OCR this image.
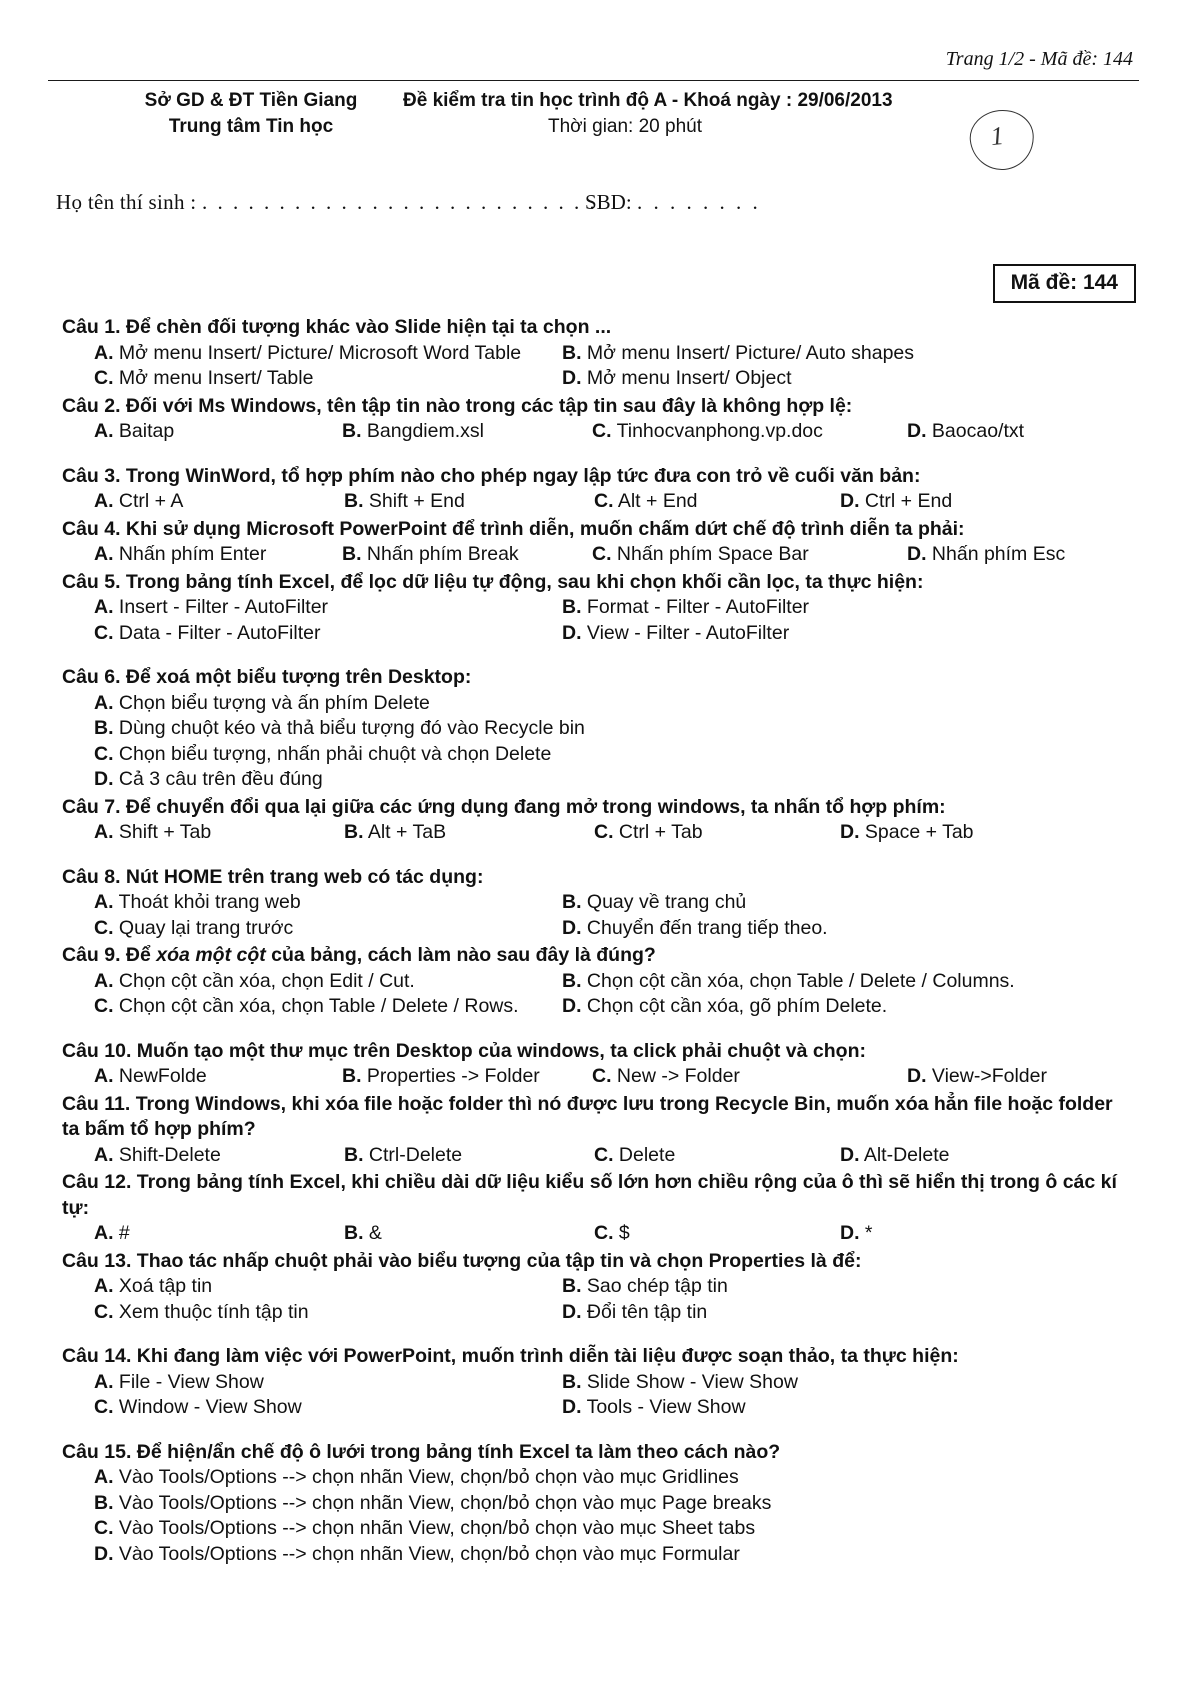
Trang 1/2 - Mã đề: 144
Sở GD & ĐT Tiền Giang
Trung tâm Tin học
Đề kiểm tra tin học trình độ A - Khoá ngày : 29/06/2013
Thời gian: 20 phút	1
Họ tên thí sinh : . . . . . . . . . . . . . . . . . . . . . . . . . .
SBD: . . . . . . . .
Mã đề: 144
Câu 1. Để chèn đối tượng khác vào Slide hiện tại ta chọn ...
A. Mở menu Insert/ Picture/ Microsoft Word Table	B. Mở menu Insert/ Picture/ Auto shapes
C. Mở menu Insert/ Table	D. Mở menu Insert/ Object
Câu 2. Đối với Ms Windows, tên tập tin nào trong các tập tin sau đây là không hợp lệ:
A. Baitap	B. Bangdiem.xsl	C. Tinhocvanphong.vp.doc	D. Baocao/txt
Câu 3. Trong WinWord, tổ hợp phím nào cho phép ngay lập tức đưa con trỏ về cuối văn bản:
A. Ctrl + A	B. Shift + End	C. Alt + End	D. Ctrl + End
Câu 4. Khi sử dụng Microsoft PowerPoint để trình diễn, muốn chấm dứt chế độ trình diễn ta phải:
A. Nhấn phím Enter	B. Nhấn phím Break	C. Nhấn phím Space Bar	D. Nhấn phím Esc
Câu 5. Trong bảng tính Excel, để lọc dữ liệu tự động, sau khi chọn khối cần lọc, ta thực hiện:
A. Insert - Filter - AutoFilter	B. Format - Filter - AutoFilter
C. Data - Filter - AutoFilter	D. View - Filter - AutoFilter
Câu 6. Để xoá một biểu tượng trên Desktop:
A. Chọn biểu tượng và ấn phím Delete
B. Dùng chuột kéo và thả biểu tượng đó vào Recycle bin
C. Chọn biểu tượng, nhấn phải chuột và chọn Delete
D. Cả 3 câu trên đều đúng
Câu 7. Để chuyển đổi qua lại giữa các ứng dụng đang mở trong windows, ta nhấn tổ hợp phím:
A. Shift + Tab	B. Alt + TaB	C. Ctrl + Tab	D. Space + Tab
Câu 8. Nút HOME trên trang web có tác dụng:
A. Thoát khỏi trang web	B. Quay về trang chủ
C. Quay lại trang trước	D. Chuyển đến trang tiếp theo.
Câu 9. Để xóa một cột của bảng, cách làm nào sau đây là đúng?
A. Chọn cột cần xóa, chọn Edit / Cut.	B. Chọn cột cần xóa, chọn Table / Delete / Columns.
C. Chọn cột cần xóa, chọn Table / Delete / Rows.	D. Chọn cột cần xóa, gõ phím Delete.
Câu 10. Muốn tạo một thư mục trên Desktop của windows, ta click phải chuột và chọn:
A. NewFolde	B. Properties -> Folder	C. New -> Folder	D. View->Folder
Câu 11. Trong Windows, khi xóa file hoặc folder thì nó được lưu trong Recycle Bin, muốn xóa hẳn file hoặc folder ta bấm tổ hợp phím?
A. Shift-Delete	B. Ctrl-Delete	C. Delete	D. Alt-Delete
Câu 12. Trong bảng tính Excel, khi chiều dài dữ liệu kiểu số lớn hơn chiều rộng của ô thì sẽ hiển thị trong ô các kí tự:
A. #	B. &	C. $	D. *
Câu 13. Thao tác nhấp chuột phải vào biểu tượng của tập tin và chọn Properties là để:
A. Xoá tập tin	B. Sao chép tập tin
C. Xem thuộc tính tập tin	D. Đổi tên tập tin
Câu 14. Khi đang làm việc với PowerPoint, muốn trình diễn tài liệu được soạn thảo, ta thực hiện:
A. File - View Show	B. Slide Show - View Show
C. Window - View Show	D. Tools - View Show
Câu 15. Để hiện/ẩn chế độ ô lưới trong bảng tính Excel ta làm theo cách nào?
A. Vào Tools/Options --> chọn nhãn View, chọn/bỏ chọn vào mục Gridlines
B. Vào Tools/Options --> chọn nhãn View, chọn/bỏ chọn vào mục Page breaks
C. Vào Tools/Options --> chọn nhãn View, chọn/bỏ chọn vào mục Sheet tabs
D. Vào Tools/Options --> chọn nhãn View, chọn/bỏ chọn vào mục Formular
